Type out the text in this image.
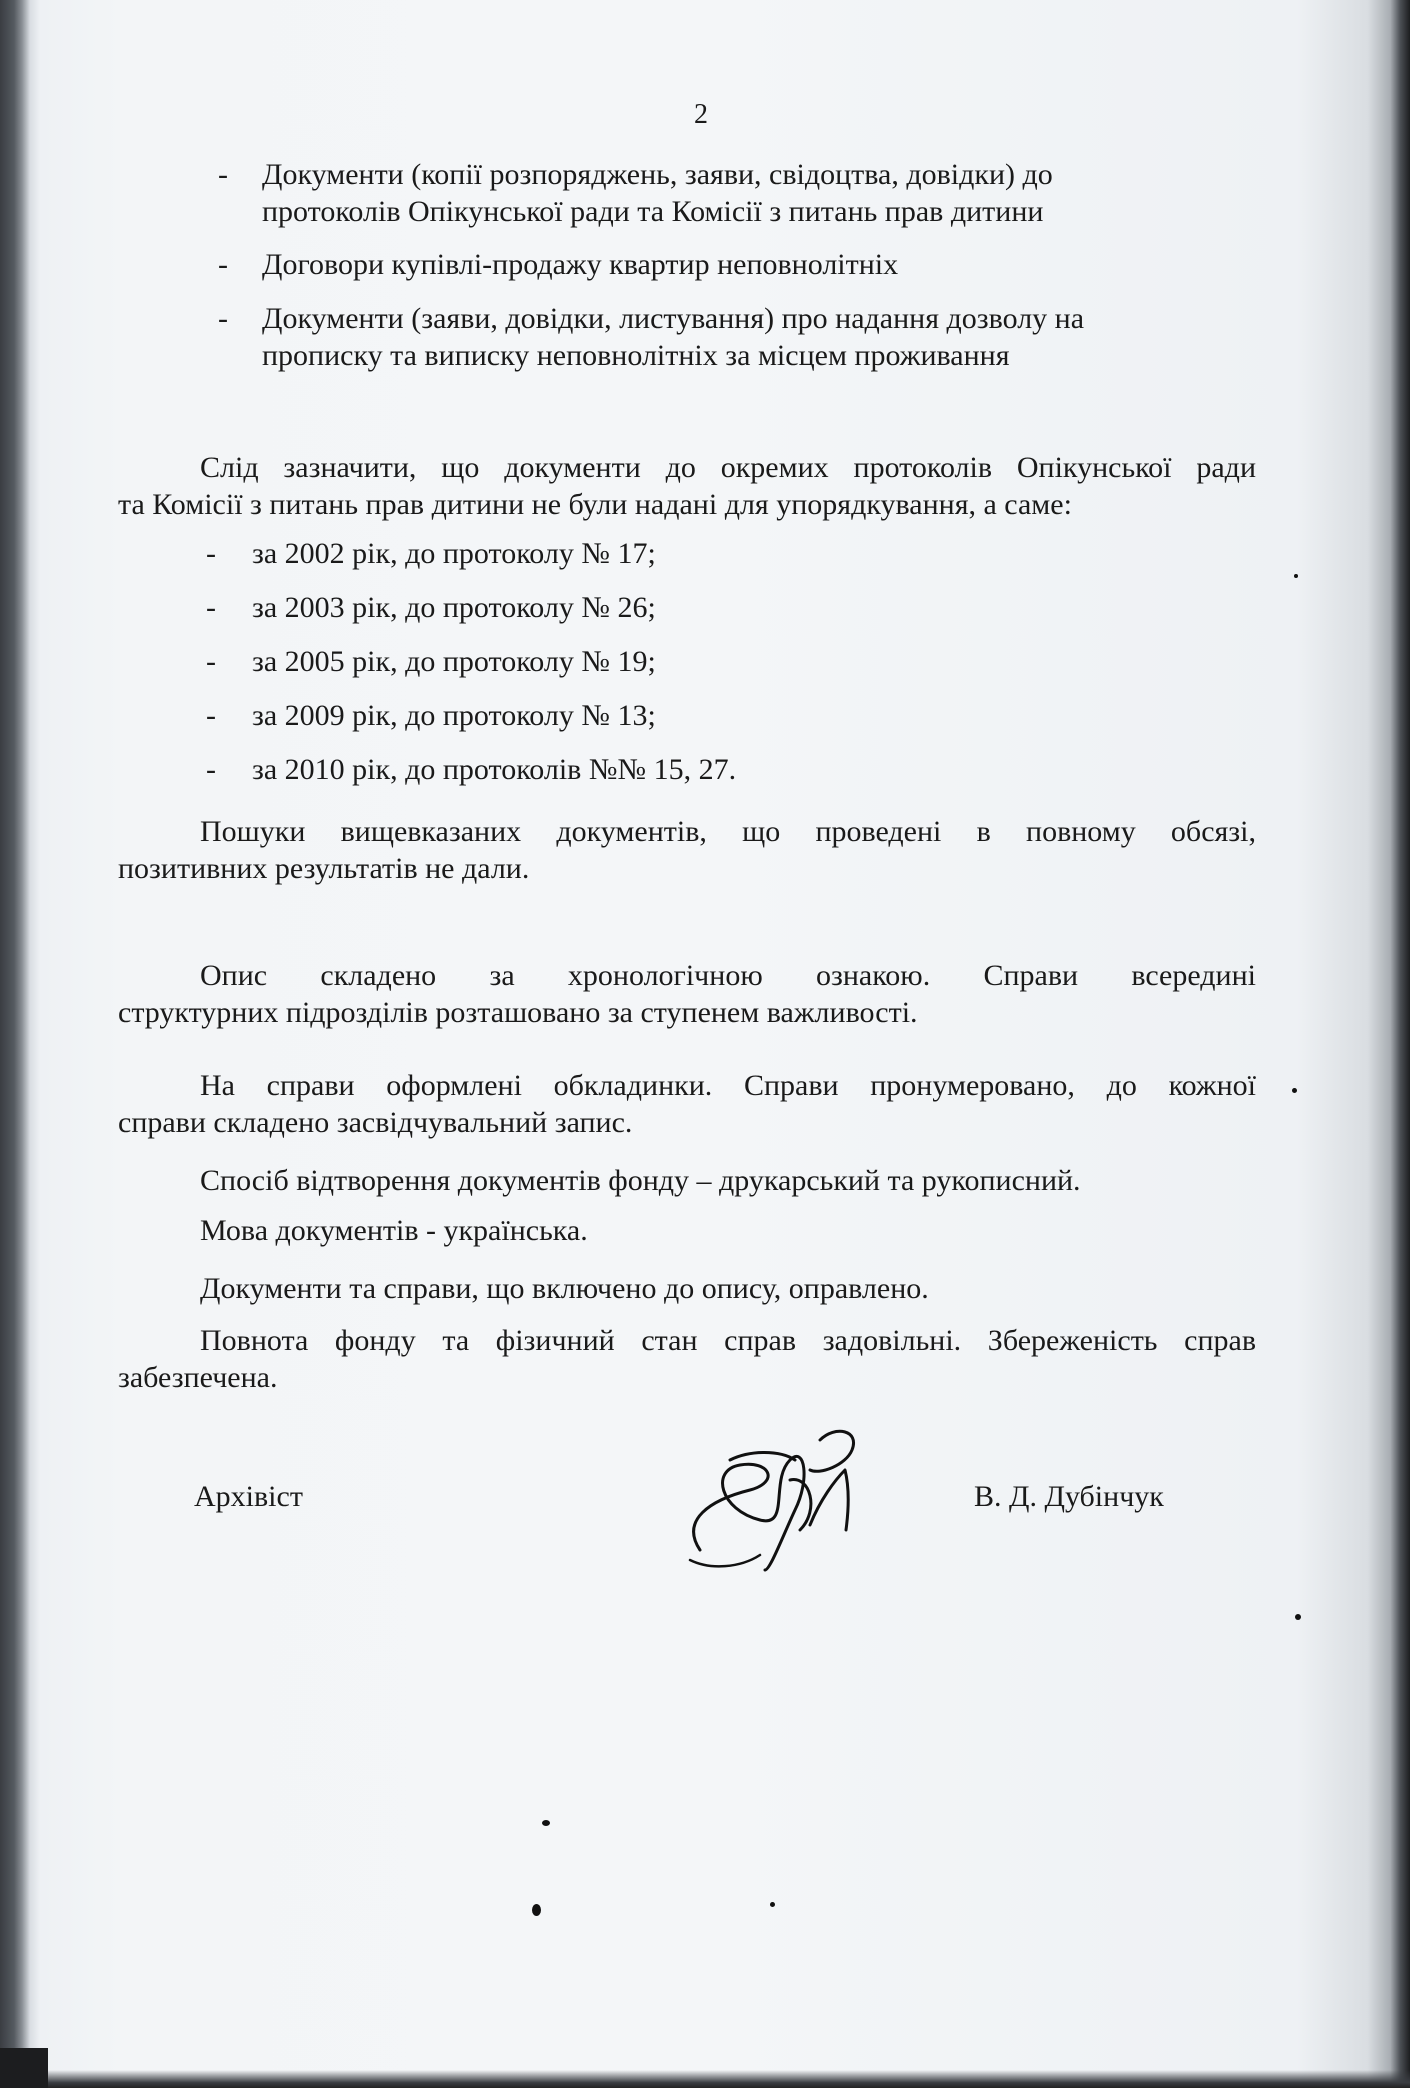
2
-	Документи (копії розпоряджень, заяви, свідоцтва, довідки) до
протоколів Опікунської ради та Комісії з питань прав дитини
-	Договори купівлі-продажу квартир неповнолітніх
-	Документи (заяви, довідки, листування) про надання дозволу на
прописку та виписку неповнолітніх за місцем проживання
Слід зазначити, що документи до окремих протоколів Опікунської ради
та Комісії з питань прав дитини не були надані для упорядкування, а саме:
-	за 2002 рік, до протоколу № 17;
-	за 2003 рік, до протоколу № 26;
-	за 2005 рік, до протоколу № 19;
-	за 2009 рік, до протоколу № 13;
-	за 2010 рік, до протоколів №№ 15, 27.
Пошуки вищевказаних документів, що проведені в повному обсязі,
позитивних результатів не дали.
Опис складено за хронологічною ознакою. Справи всередині
структурних підрозділів розташовано за ступенем важливості.
На справи оформлені обкладинки. Справи пронумеровано, до кожної
справи складено засвідчувальний запис.
Спосіб відтворення документів фонду – друкарський та рукописний.
Мова документів - українська.
Документи та справи, що включено до опису, оправлено.
Повнота фонду та фізичний стан справ задовільні. Збереженість справ
забезпечена.
Архівіст	В. Д. Дубінчук
